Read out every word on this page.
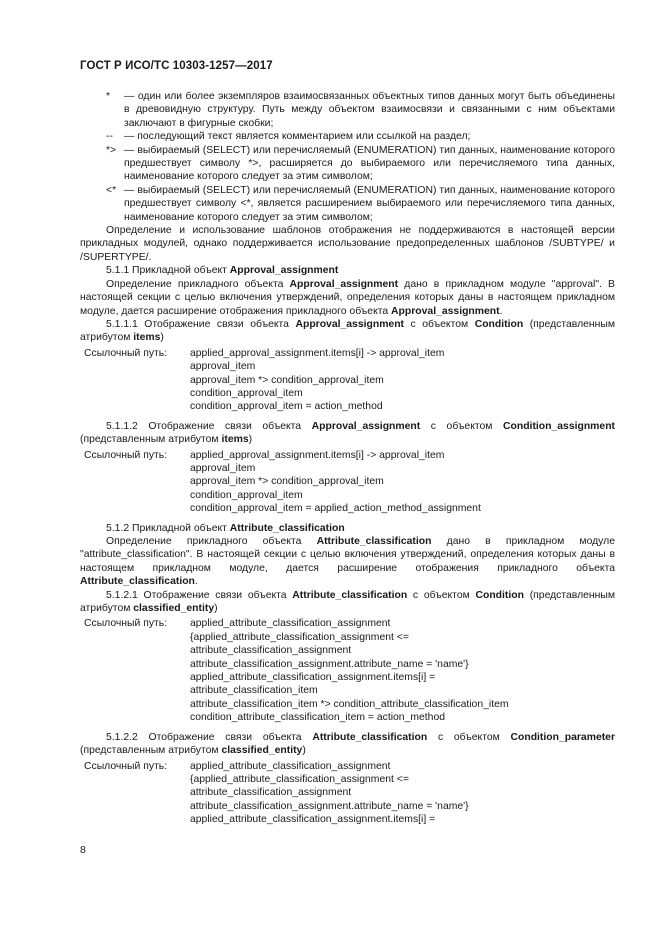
ГОСТ Р ИСО/ТС 10303-1257—2017
*	— один или более экземпляров взаимосвязанных объектных типов данных могут быть объединены в древовидную структуру. Путь между объектом взаимосвязи и связанными с ним объектами заключают в фигурные скобки;
--	— последующий текст является комментарием или ссылкой на раздел;
*> — выбираемый (SELECT) или перечисляемый (ENUMERATION) тип данных, наименование которого предшествует символу *>, расширяется до выбираемого или перечисляемого типа данных, наименование которого следует за этим символом;
<* — выбираемый (SELECT) или перечисляемый (ENUMERATION) тип данных, наименование которого предшествует символу <*, является расширением выбираемого или перечисляемого типа данных, наименование которого следует за этим символом;

Определение и использование шаблонов отображения не поддерживаются в настоящей версии прикладных модулей, однако поддерживается использование предопределенных шаблонов /SUBTYPE/ и /SUPERTYPE/.

5.1.1 Прикладной объект Approval_assignment

Определение прикладного объекта Approval_assignment дано в прикладном модуле "approval". В настоящей секции с целью включения утверждений, определения которых даны в настоящем прикладном модуле, дается расширение отображения прикладного объекта Approval_assignment.

5.1.1.1 Отображение связи объекта Approval_assignment с объектом Condition (представленным атрибутом items)

Ссылочный путь:	applied_approval_assignment.items[i] -> approval_item
approval_item
approval_item *> condition_approval_item
condition_approval_item
condition_approval_item = action_method

5.1.1.2 Отображение связи объекта Approval_assignment с объектом Condition_assignment (представленным атрибутом items)

Ссылочный путь:	applied_approval_assignment.items[i] -> approval_item
approval_item
approval_item *> condition_approval_item
condition_approval_item
condition_approval_item = applied_action_method_assignment

5.1.2 Прикладной объект Attribute_classification

Определение прикладного объекта Attribute_classification дано в прикладном модуле "attribute_classification". В настоящей секции с целью включения утверждений, определения которых даны в настоящем прикладном модуле, дается расширение отображения прикладного объекта Attribute_classification.

5.1.2.1 Отображение связи объекта Attribute_classification с объектом Condition (представленным атрибутом classified_entity)

Ссылочный путь:	applied_attribute_classification_assignment
{applied_attribute_classification_assignment <=
attribute_classification_assignment
attribute_classification_assignment.attribute_name = 'name'}
applied_attribute_classification_assignment.items[i] =
attribute_classification_item
attribute_classification_item *> condition_attribute_classification_item
condition_attribute_classification_item = action_method

5.1.2.2 Отображение связи объекта Attribute_classification с объектом Condition_parameter (представленным атрибутом classified_entity)

Ссылочный путь:	applied_attribute_classification_assignment
{applied_attribute_classification_assignment <=
attribute_classification_assignment
attribute_classification_assignment.attribute_name = 'name'}
applied_attribute_classification_assignment.items[i] =
8
